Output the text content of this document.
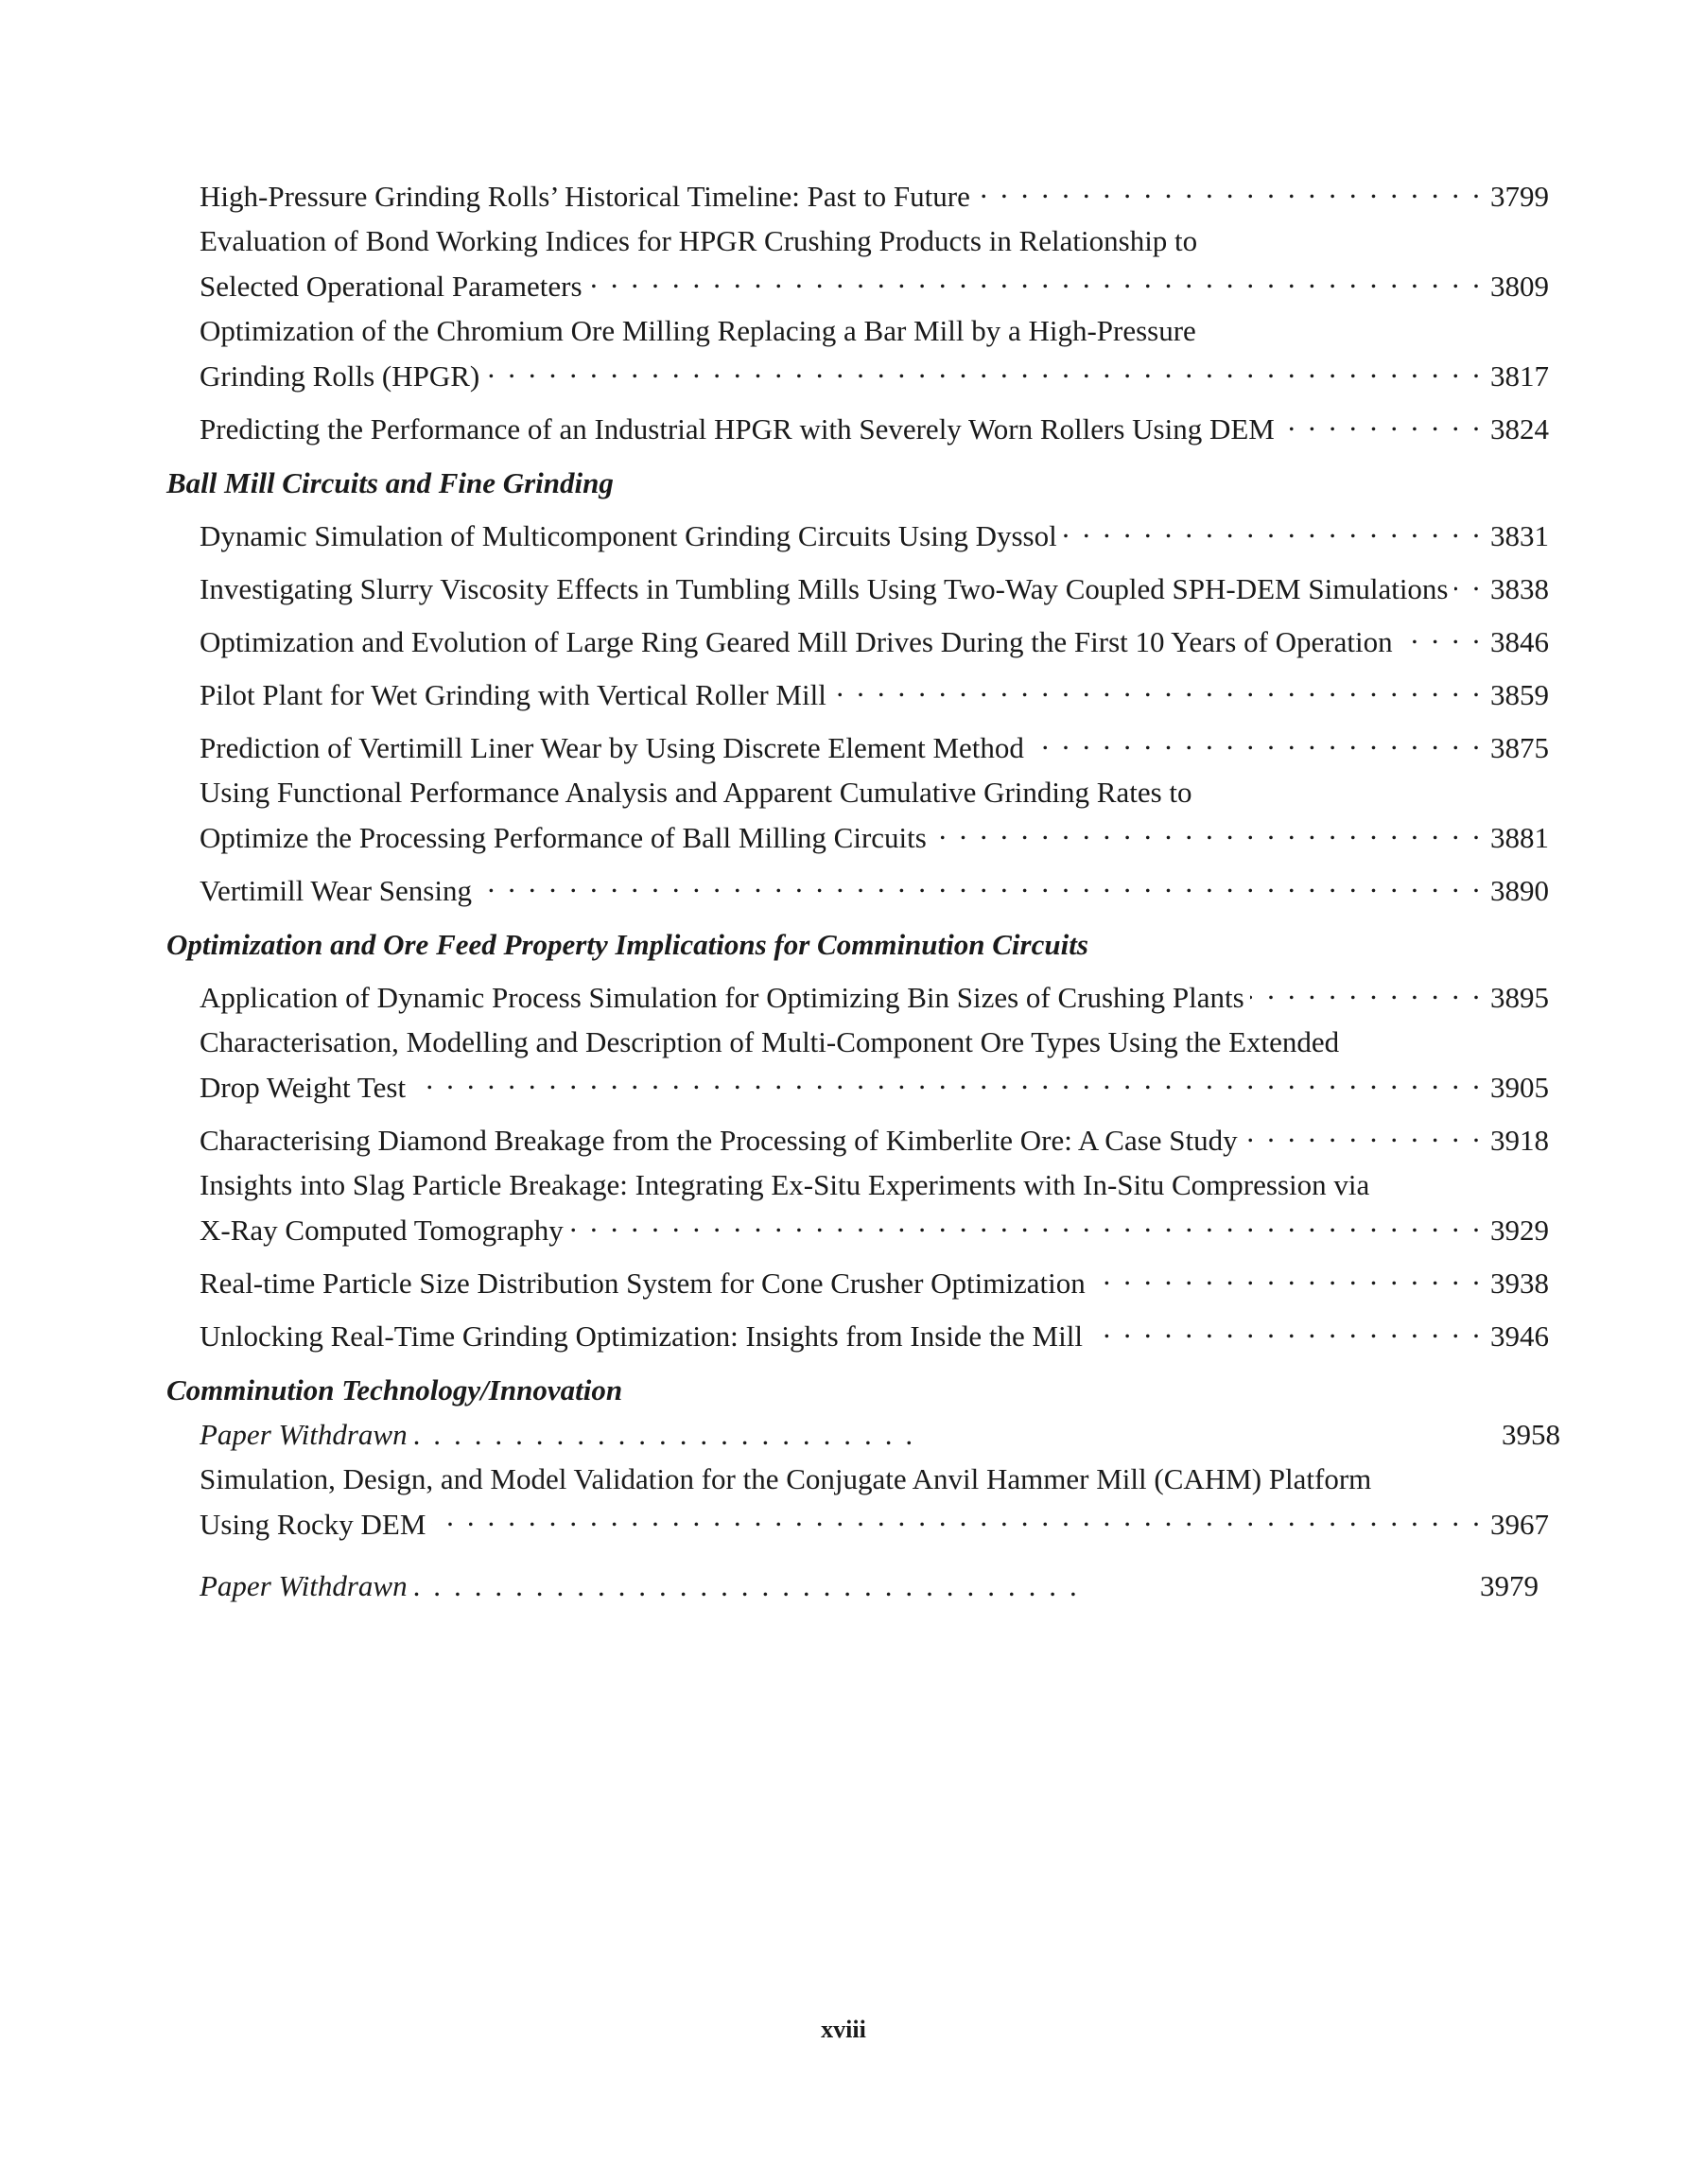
High-Pressure Grinding Rolls’ Historical Timeline: Past to Future . . .	3799
Evaluation of Bond Working Indices for HPGR Crushing Products in Relationship to
Selected Operational Parameters . . .	3809
Optimization of the Chromium Ore Milling Replacing a Bar Mill by a High-Pressure
Grinding Rolls (HPGR) . . .	3817
Predicting the Performance of an Industrial HPGR with Severely Worn Rollers Using DEM . . .	3824
Ball Mill Circuits and Fine Grinding
Dynamic Simulation of Multicomponent Grinding Circuits Using Dyssol . . .	3831
Investigating Slurry Viscosity Effects in Tumbling Mills Using Two-Way Coupled SPH-DEM Simulations . . . 3838
Optimization and Evolution of Large Ring Geared Mill Drives During the First 10 Years of Operation . . .	3846
Pilot Plant for Wet Grinding with Vertical Roller Mill . . .	3859
Prediction of Vertimill Liner Wear by Using Discrete Element Method . . .	3875
Using Functional Performance Analysis and Apparent Cumulative Grinding Rates to
Optimize the Processing Performance of Ball Milling Circuits . . .	3881
Vertimill Wear Sensing . . .	3890
Optimization and Ore Feed Property Implications for Comminution Circuits
Application of Dynamic Process Simulation for Optimizing Bin Sizes of Crushing Plants . . .	3895
Characterisation, Modelling and Description of Multi-Component Ore Types Using the Extended
Drop Weight Test . . .	3905
Characterising Diamond Breakage from the Processing of Kimberlite Ore: A Case Study . . .	3918
Insights into Slag Particle Breakage: Integrating Ex-Situ Experiments with In-Situ Compression via
X-Ray Computed Tomography . . .	3929
Real-time Particle Size Distribution System for Cone Crusher Optimization . . .	3938
Unlocking Real-Time Grinding Optimization: Insights from Inside the Mill . . .	3946
Comminution Technology/Innovation
Paper Withdrawn . . . . . . . . . . . . . . . . . . . . . . . . .	3958
Simulation, Design, and Model Validation for the Conjugate Anvil Hammer Mill (CAHM) Platform
Using Rocky DEM . . .	3967
Paper Withdrawn . . . . . . . . . . . . . . . . . . . . . . . . . . . . . . . . .	3979
xviii
